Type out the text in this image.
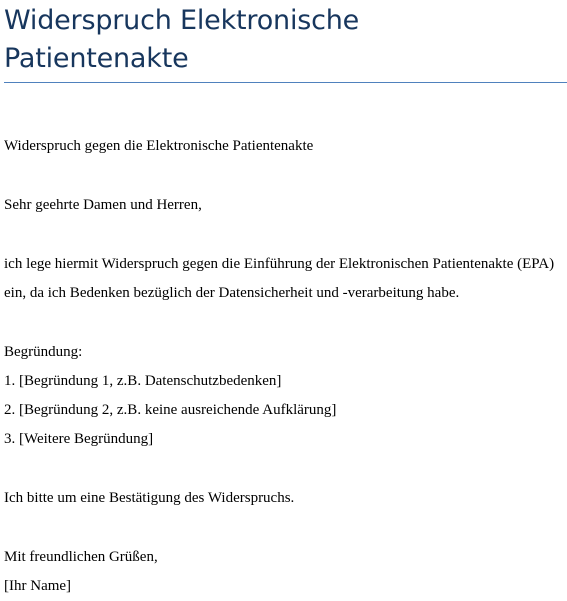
Widerspruch Elektronische
Patientenakte

Widerspruch gegen die Elektronische Patientenakte

Sehr geehrte Damen und Herren,

ich lege hiermit Widerspruch gegen die Einführung der Elektronischen Patientenakte (EPA)

ein, da ich Bedenken bezüglich der Datensicherheit und -verarbeitung habe.

Begründung:

1. [Begründung 1, z.B. Datenschutzbedenken]

2. [Begründung 2, z.B. keine ausreichende Aufklärung]

3. [Weitere Begründung]

Ich bitte um eine Bestätigung des Widerspruchs.

Mit freundlichen Grüßen,

[Ihr Name]
